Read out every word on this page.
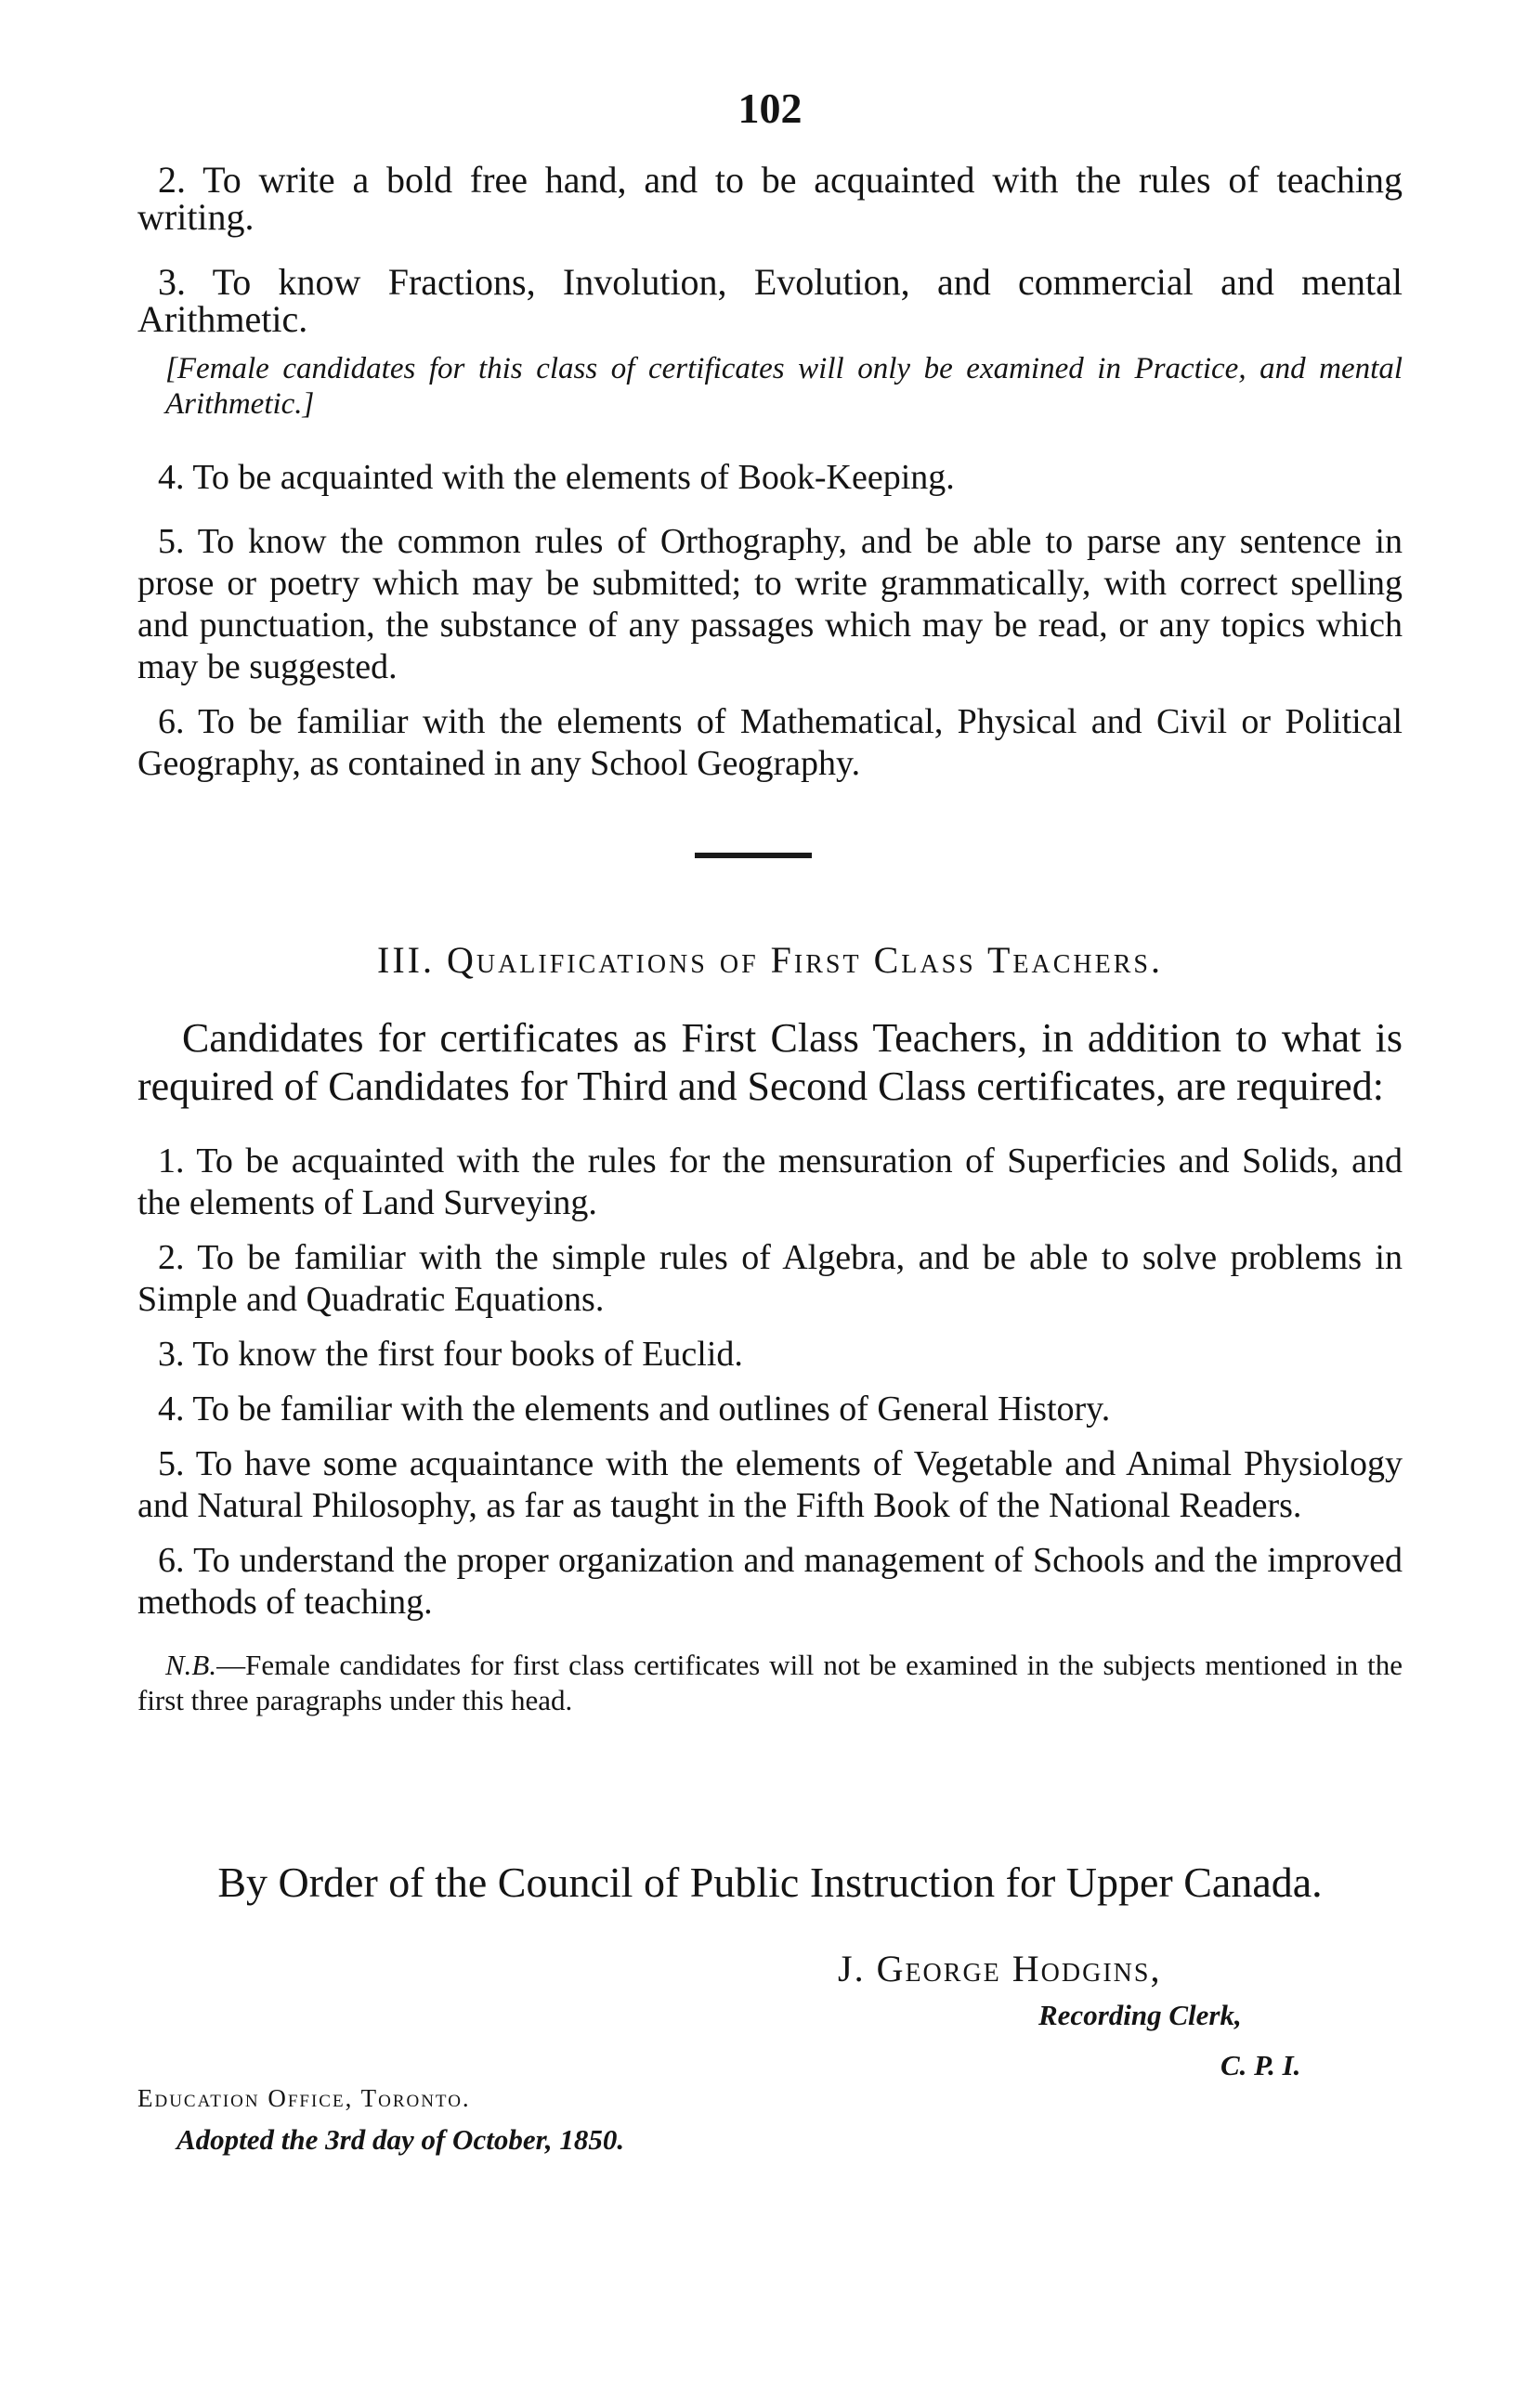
102

2. To write a bold free hand, and to be acquainted with the rules of teaching writing.

3. To know Fractions, Involution, Evolution, and commercial and mental Arithmetic.

[Female candidates for this class of certificates will only be examined in Practice, and mental Arithmetic.]

4. To be acquainted with the elements of Book-Keeping.

5. To know the common rules of Orthography, and be able to parse any sentence in prose or poetry which may be submitted; to write grammatically, with correct spelling and punctuation, the substance of any passages which may be read, or any topics which may be suggested.

6. To be familiar with the elements of Mathematical, Physical and Civil or Political Geography, as contained in any School Geography.

III. Qualifications of First Class Teachers.

Candidates for certificates as First Class Teachers, in addition to what is required of Candidates for Third and Second Class certificates, are required:

1. To be acquainted with the rules for the mensuration of Superficies and Solids, and the elements of Land Surveying.

2. To be familiar with the simple rules of Algebra, and be able to solve problems in Simple and Quadratic Equations.

3. To know the first four books of Euclid.

4. To be familiar with the elements and outlines of General History.

5. To have some acquaintance with the elements of Vegetable and Animal Physiology and Natural Philosophy, as far as taught in the Fifth Book of the National Readers.

6. To understand the proper organization and management of Schools and the improved methods of teaching.

N.B.—Female candidates for first class certificates will not be examined in the subjects mentioned in the first three paragraphs under this head.

By Order of the Council of Public Instruction for Upper Canada.
J. George Hodgins,
Recording Clerk,
C. P. I.
Education Office, Toronto.
Adopted the 3rd day of October, 1850.
